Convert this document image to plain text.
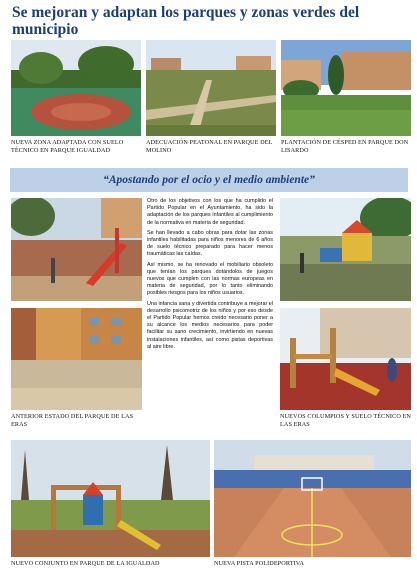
Se mejoran y adaptan los parques y zonas verdes del municipio
NUEVA ZONA ADAPTADA CON SUELO TÉCNICO EN PARQUE IGUALDAD
ADECUACIÓN PEATONAL EN PARQUE DEL MOLINO
PLANTACIÓN DE CÉSPED EN PARQUE DON LISARDO
“Apostando por el ocio y el medio ambiente”
ANTERIOR ESTADO DEL PARQUE DE LAS ERAS

Otro de los objetivos con los que ha cumplido el Partido Popular en el Ayuntamiento, ha sido la adaptación de los parques infantiles al cumplimiento de la normativa en materia de seguridad.

Se han llevado a cabo obras para dotar las zonas infantiles habilitadas para niños menores de 6 años de suelo técnico preparado para hacer menos traumáticas las caídas.

Así mismo, se ha renovado el mobiliario obsoleto que tenían los parques dotándolos de juegos nuevos que cumplen con las normas europeas en materia de seguridad, por lo tanto eliminando posibles riesgos para los niños usuarios.

Una infancia sana y divertida contribuye a mejorar el desarrollo psicomotriz de los niños y por eso desde el Partido Popular hemos creido necesario poner a su alcance los medios necesarios para poder facilitar su sano crecimiento, invirtiendo en nuevas instalaciones infantiles, así como pistas deportivas al aire libre.

NUEVOS COLUMPIOS Y SUELO TÉCNICO EN LAS ERAS
NUEVO CONJUNTO EN PARQUE DE LA IGUALDAD	NUEVA PISTA POLIDEPORTIVA
